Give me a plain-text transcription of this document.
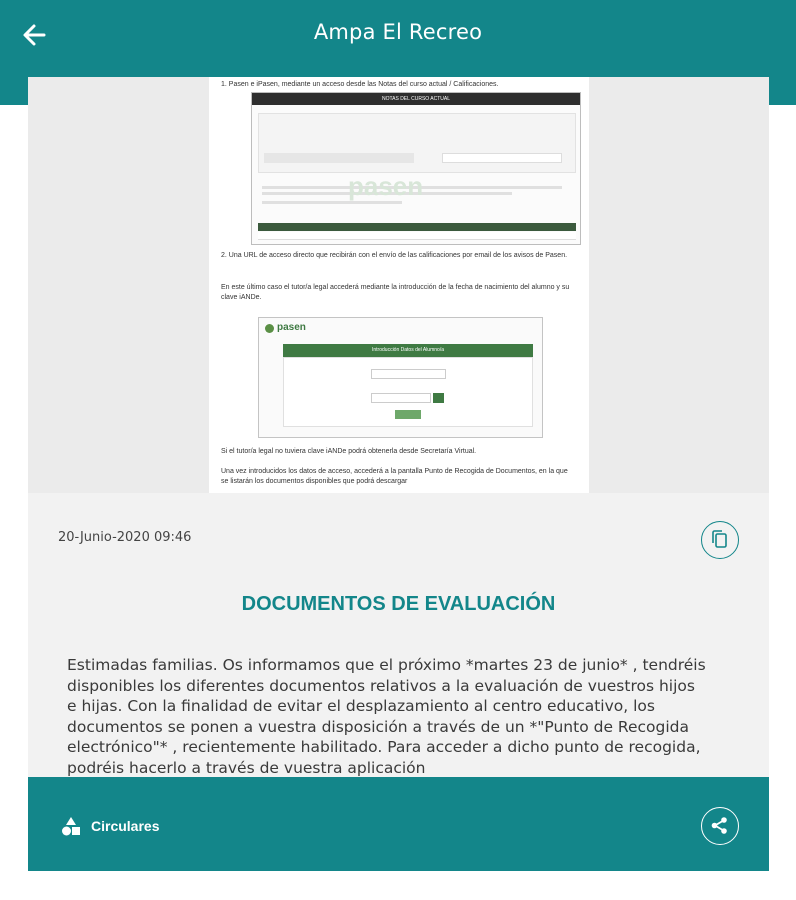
Ampa El Recreo
1. Pasen e iPasen, mediante un acceso desde las Notas del curso actual / Calificaciones.
NOTAS DEL CURSO ACTUAL
pasen
2. Una URL de acceso directo que recibirán con el envío de las calificaciones por email de los avisos de Pasen.
En este último caso el tutor/a legal accederá mediante la introducción de la fecha de nacimiento del alumno y su clave iANDe.
pasen
Introducción Datos del Alumno/a
Si el tutor/a legal no tuviera clave iANDe podrá obtenerla desde Secretaría Virtual.
Una vez introducidos los datos de acceso, accederá a la pantalla Punto de Recogida de Documentos, en la que se listarán los documentos disponibles que podrá descargar
20-Junio-2020 09:46
DOCUMENTOS DE EVALUACIÓN
Estimadas familias. Os informamos que el próximo *martes 23 de junio* , tendréis disponibles los diferentes documentos relativos a la evaluación de vuestros hijos e hijas. Con la finalidad de evitar el desplazamiento al centro educativo, los documentos se ponen a vuestra disposición a través de un *"Punto de Recogida electrónico"* , recientemente habilitado. Para acceder a dicho punto de recogida, podréis hacerlo a través de vuestra aplicación
Circulares
